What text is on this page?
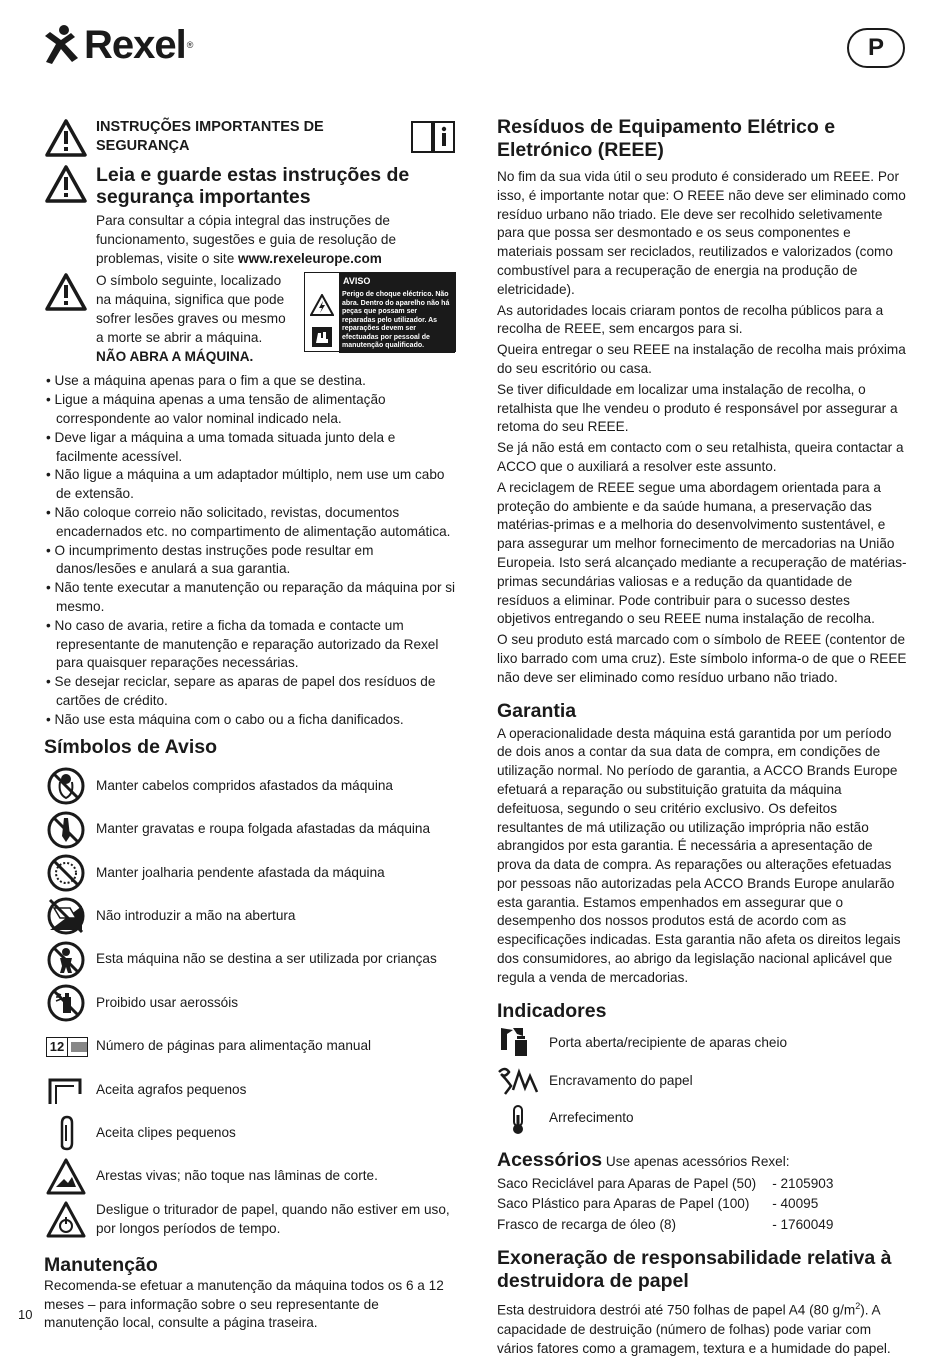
Rexel ®	P
INSTRUÇÕES IMPORTANTES DE SEGURANÇA
Leia e guarde estas instruções de segurança importantes
Para consultar a cópia integral das instruções de funcionamento, sugestões e guia de resolução de problemas, visite o site www.rexeleurope.com
O símbolo seguinte, localizado na máquina, significa que pode sofrer lesões graves ou mesmo a morte se abrir a máquina. NÃO ABRA A MÁQUINA.
AVISO
Perigo de choque eléctrico. Não abra. Dentro do aparelho não há peças que possam ser reparadas pelo utilizador. As reparações devem ser efectuadas por pessoal de manutenção qualificado.
• Use a máquina apenas para o fim a que se destina.
• Ligue a máquina apenas a uma tensão de alimentação correspondente ao valor nominal indicado nela.
• Deve ligar a máquina a uma tomada situada junto dela e facilmente acessível.
• Não ligue a máquina a um adaptador múltiplo, nem use um cabo de extensão.
• Não coloque correio não solicitado, revistas, documentos encadernados etc. no compartimento de alimentação automática.
• O incumprimento destas instruções pode resultar em danos/lesões e anulará a sua garantia.
• Não tente executar a manutenção ou reparação da máquina por si mesmo.
• No caso de avaria, retire a ficha da tomada e contacte um representante de manutenção e reparação autorizado da Rexel para quaisquer reparações necessárias.
• Se desejar reciclar, separe as aparas de papel dos resíduos de cartões de crédito.
• Não use esta máquina com o cabo ou a ficha danificados.
Símbolos de Aviso
Manter cabelos compridos afastados da máquina
Manter gravatas e roupa folgada afastadas da máquina
Manter joalharia pendente afastada da máquina
Não introduzir a mão na abertura
Esta máquina não se destina a ser utilizada por crianças
Proibido usar aerossóis
12 Número de páginas para alimentação manual
Aceita agrafos pequenos
Aceita clipes pequenos
Arestas vivas; não toque nas lâminas de corte.
Desligue o triturador de papel, quando não estiver em uso, por longos períodos de tempo.
Manutenção
Recomenda-se efetuar a manutenção da máquina todos os 6 a 12 meses – para informação sobre o seu representante de manutenção local, consulte a página traseira.
10
Resíduos de Equipamento Elétrico e Eletrónico (REEE)
No fim da sua vida útil o seu produto é considerado um REEE. Por isso, é importante notar que: O REEE não deve ser eliminado como resíduo urbano não triado. Ele deve ser recolhido seletivamente para que possa ser desmontado e os seus componentes e materiais possam ser reciclados, reutilizados e valorizados (como combustível para a recuperação de energia na produção de eletricidade).
As autoridades locais criaram pontos de recolha públicos para a recolha de REEE, sem encargos para si.
Queira entregar o seu REEE na instalação de recolha mais próxima do seu escritório ou casa.
Se tiver dificuldade em localizar uma instalação de recolha, o retalhista que lhe vendeu o produto é responsável por assegurar a retoma do seu REEE.
Se já não está em contacto com o seu retalhista, queira contactar a ACCO que o auxiliará a resolver este assunto.
A reciclagem de REEE segue uma abordagem orientada para a proteção do ambiente e da saúde humana, a preservação das matérias-primas e a melhoria do desenvolvimento sustentável, e para assegurar um melhor fornecimento de mercadorias na União Europeia. Isto será alcançado mediante a recuperação de matérias-primas secundárias valiosas e a redução da quantidade de resíduos a eliminar. Pode contribuir para o sucesso destes objetivos entregando o seu REEE numa instalação de recolha.
O seu produto está marcado com o símbolo de REEE (contentor de lixo barrado com uma cruz). Este símbolo informa-o de que o REEE não deve ser eliminado como resíduo urbano não triado.
Garantia
A operacionalidade desta máquina está garantida por um período de dois anos a contar da sua data de compra, em condições de utilização normal. No período de garantia, a ACCO Brands Europe efetuará a reparação ou substituição gratuita da máquina defeituosa, segundo o seu critério exclusivo. Os defeitos resultantes de má utilização ou utilização imprópria não estão abrangidos por esta garantia. É necessária a apresentação de prova da data de compra. As reparações ou alterações efetuadas por pessoas não autorizadas pela ACCO Brands Europe anularão esta garantia. Estamos empenhados em assegurar que o desempenho dos nossos produtos está de acordo com as especificações indicadas. Esta garantia não afeta os direitos legais dos consumidores, ao abrigo da legislação nacional aplicável que regula a venda de mercadorias.
Indicadores
Porta aberta/recipiente de aparas cheio
Encravamento do papel
Arrefecimento
Acessórios Use apenas acessórios Rexel:
Saco Reciclável para Aparas de Papel (50)	- 2105903
Saco Plástico para Aparas de Papel (100)	- 40095
Frasco de recarga de óleo (8)	- 1760049
Exoneração de responsabilidade relativa à destruidora de papel
Esta destruidora destrói até 750 folhas de papel A4 (80 $g/m^2$). A capacidade de destruição (número de folhas) pode variar com vários fatores como a gramagem, textura e a humidade do papel.
